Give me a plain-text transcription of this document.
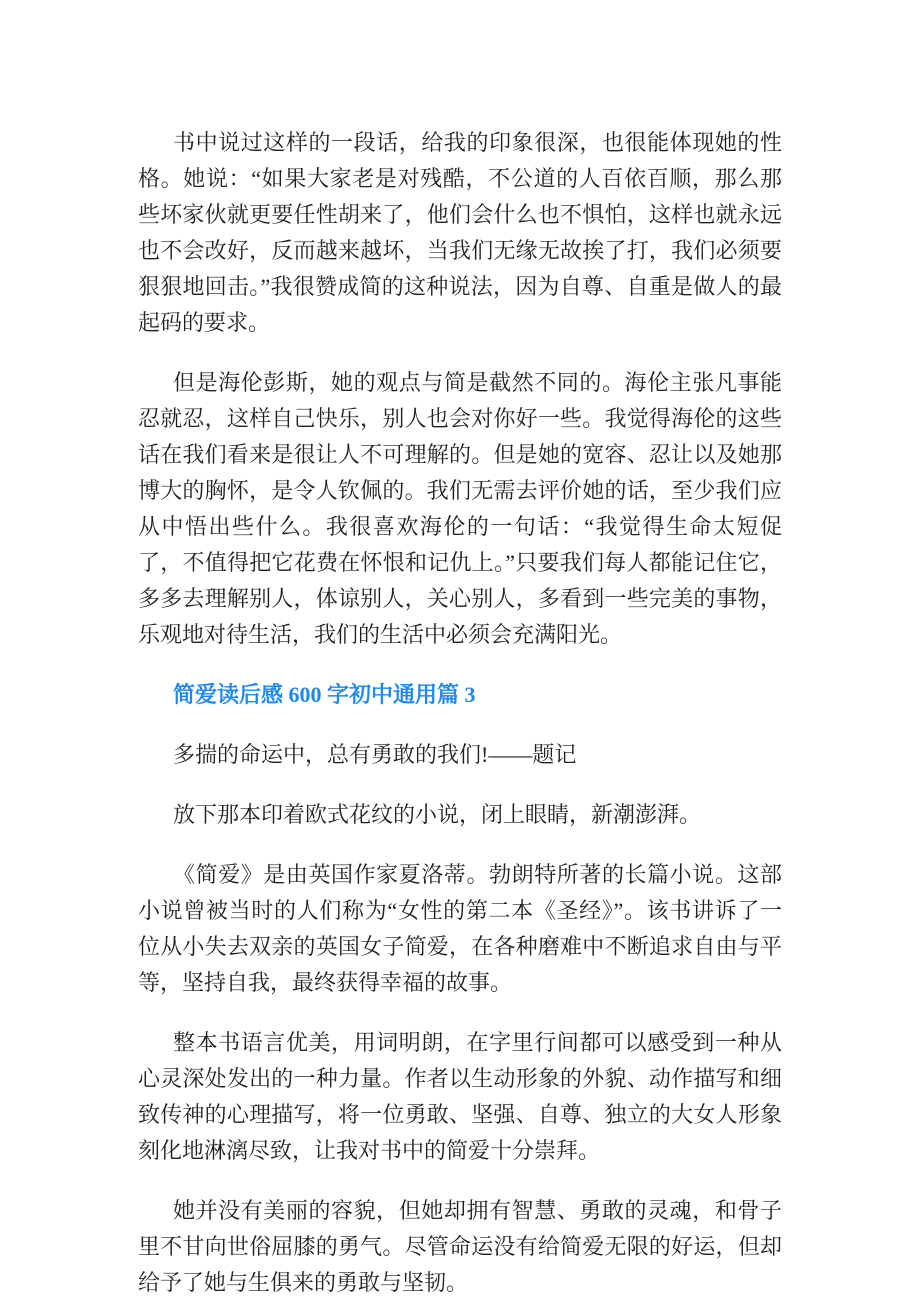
书中说过这样的一段话，给我的印象很深，也很能体现她的性格。她说：“如果大家老是对残酷，不公道的人百依百顺，那么那些坏家伙就更要任性胡来了，他们会什么也不惧怕，这样也就永远也不会改好，反而越来越坏，当我们无缘无故挨了打，我们必须要狠狠地回击。”我很赞成简的这种说法，因为自尊、自重是做人的最起码的要求。

但是海伦彭斯，她的观点与简是截然不同的。海伦主张凡事能忍就忍，这样自己快乐，别人也会对你好一些。我觉得海伦的这些话在我们看来是很让人不可理解的。但是她的宽容、忍让以及她那博大的胸怀，是令人钦佩的。我们无需去评价她的话，至少我们应从中悟出些什么。我很喜欢海伦的一句话：“我觉得生命太短促了，不值得把它花费在怀恨和记仇上。”只要我们每人都能记住它，多多去理解别人，体谅别人，关心别人，多看到一些完美的事物，乐观地对待生活，我们的生活中必须会充满阳光。

简爱读后感 600 字初中通用篇 3

多揣的命运中，总有勇敢的我们!——题记

放下那本印着欧式花纹的小说，闭上眼睛，新潮澎湃。

《简爱》是由英国作家夏洛蒂。勃朗特所著的长篇小说。这部小说曾被当时的人们称为“女性的第二本《圣经》”。该书讲诉了一位从小失去双亲的英国女子简爱，在各种磨难中不断追求自由与平等，坚持自我，最终获得幸福的故事。

整本书语言优美，用词明朗，在字里行间都可以感受到一种从心灵深处发出的一种力量。作者以生动形象的外貌、动作描写和细致传神的心理描写，将一位勇敢、坚强、自尊、独立的大女人形象刻化地淋漓尽致，让我对书中的简爱十分崇拜。

她并没有美丽的容貌，但她却拥有智慧、勇敢的灵魂，和骨子里不甘向世俗屈膝的勇气。尽管命运没有给简爱无限的好运，但却给予了她与生俱来的勇敢与坚韧。
